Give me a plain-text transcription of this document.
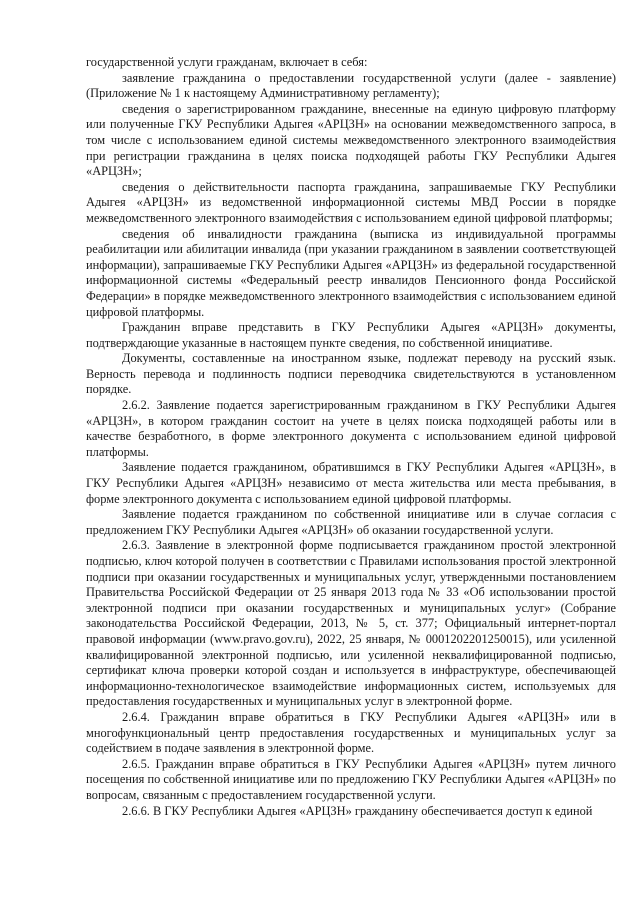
государственной услуги гражданам, включает в себя:

заявление гражданина о предоставлении государственной услуги (далее - заявление) (Приложение № 1 к настоящему Административному регламенту);

сведения о зарегистрированном гражданине, внесенные на единую цифровую платформу или полученные ГКУ Республики Адыгея «АРЦЗН» на основании межведомственного запроса, в том числе с использованием единой системы межведомственного электронного взаимодействия при регистрации гражданина в целях поиска подходящей работы ГКУ Республики Адыгея «АРЦЗН»;

сведения о действительности паспорта гражданина, запрашиваемые ГКУ Республики Адыгея «АРЦЗН» из ведомственной информационной системы МВД России в порядке межведомственного электронного взаимодействия с использованием единой цифровой платформы;

сведения об инвалидности гражданина (выписка из индивидуальной программы реабилитации или абилитации инвалида (при указании гражданином в заявлении соответствующей информации), запрашиваемые ГКУ Республики Адыгея «АРЦЗН» из федеральной государственной информационной системы «Федеральный реестр инвалидов Пенсионного фонда Российской Федерации» в порядке межведомственного электронного взаимодействия с использованием единой цифровой платформы.

Гражданин вправе представить в ГКУ Республики Адыгея «АРЦЗН» документы, подтверждающие указанные в настоящем пункте сведения, по собственной инициативе.

Документы, составленные на иностранном языке, подлежат переводу на русский язык. Верность перевода и подлинность подписи переводчика свидетельствуются в установленном порядке.

2.6.2. Заявление подается зарегистрированным гражданином в ГКУ Республики Адыгея «АРЦЗН», в котором гражданин состоит на учете в целях поиска подходящей работы или в качестве безработного, в форме электронного документа с использованием единой цифровой платформы.

Заявление подается гражданином, обратившимся в ГКУ Республики Адыгея «АРЦЗН», в ГКУ Республики Адыгея «АРЦЗН» независимо от места жительства или места пребывания, в форме электронного документа с использованием единой цифровой платформы.

Заявление подается гражданином по собственной инициативе или в случае согласия с предложением ГКУ Республики Адыгея «АРЦЗН» об оказании государственной услуги.

2.6.3. Заявление в электронной форме подписывается гражданином простой электронной подписью, ключ которой получен в соответствии с Правилами использования простой электронной подписи при оказании государственных и муниципальных услуг, утвержденными постановлением Правительства Российской Федерации от 25 января 2013 года № 33 «Об использовании простой электронной подписи при оказании государственных и муниципальных услуг» (Собрание законодательства Российской Федерации, 2013, № 5, ст. 377; Официальный интернет-портал правовой информации (www.pravo.gov.ru), 2022, 25 января, № 0001202201250015), или усиленной квалифицированной электронной подписью, или усиленной неквалифицированной подписью, сертификат ключа проверки которой создан и используется в инфраструктуре, обеспечивающей информационно-технологическое взаимодействие информационных систем, используемых для предоставления государственных и муниципальных услуг в электронной форме.

2.6.4. Гражданин вправе обратиться в ГКУ Республики Адыгея «АРЦЗН» или в многофункциональный центр предоставления государственных и муниципальных услуг за содействием в подаче заявления в электронной форме.

2.6.5. Гражданин вправе обратиться в ГКУ Республики Адыгея «АРЦЗН» путем личного посещения по собственной инициативе или по предложению ГКУ Республики Адыгея «АРЦЗН» по вопросам, связанным с предоставлением государственной услуги.

2.6.6. В ГКУ Республики Адыгея «АРЦЗН» гражданину обеспечивается доступ к единой
